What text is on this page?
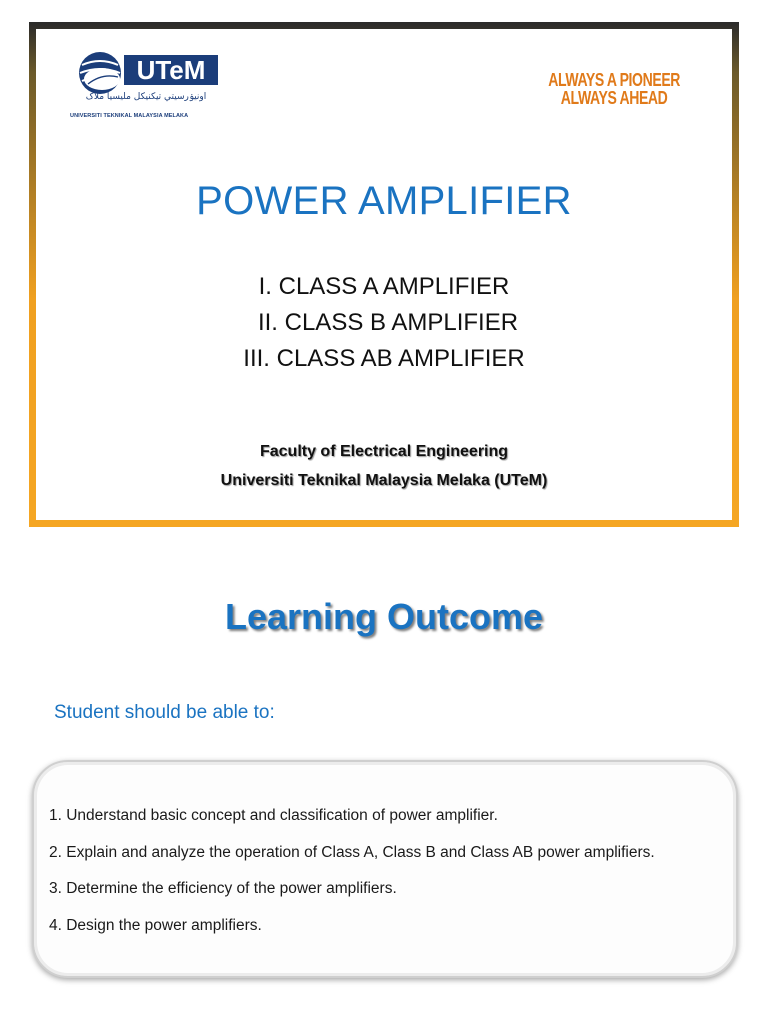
UTeM
اونيۏرسيتي تيكنيکل مليسيا ملاک
UNIVERSITI TEKNIKAL MALAYSIA MELAKA
ALWAYS A PIONEER
ALWAYS AHEAD
POWER AMPLIFIER
I. CLASS A AMPLIFIER
II. CLASS B AMPLIFIER
III. CLASS AB AMPLIFIER
Faculty of Electrical Engineering
Universiti Teknikal Malaysia Melaka (UTeM)
Learning Outcome
Student should be able to:
1. Understand basic concept and classification of power amplifier.
2. Explain and analyze the operation of Class A, Class B and Class AB power amplifiers.
3. Determine the efficiency of the power amplifiers.
4. Design the power amplifiers.
